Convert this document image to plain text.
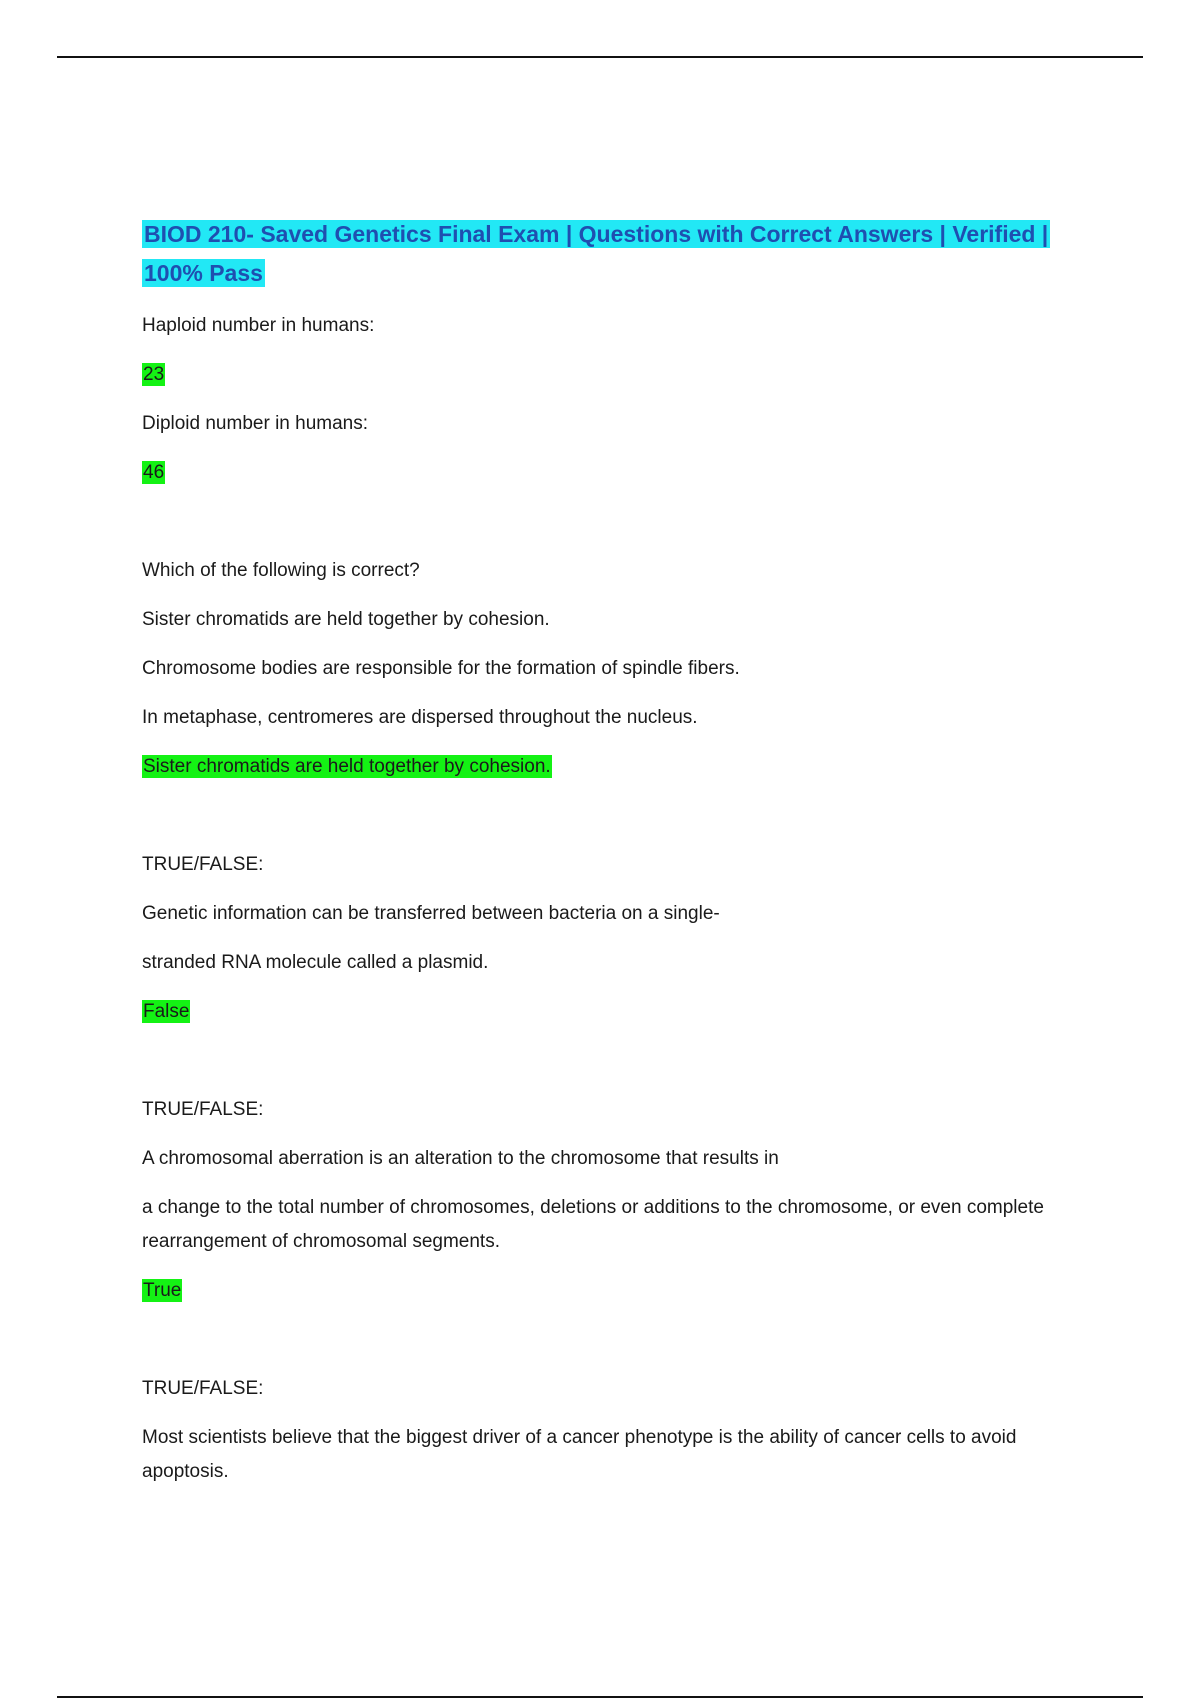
BIOD 210- Saved Genetics Final Exam | Questions with Correct Answers | Verified | 100% Pass
Haploid number in humans:
23
Diploid number in humans:
46
Which of the following is correct?
Sister chromatids are held together by cohesion.
Chromosome bodies are responsible for the formation of spindle fibers.
In metaphase, centromeres are dispersed throughout the nucleus.
Sister chromatids are held together by cohesion.
TRUE/FALSE:
Genetic information can be transferred between bacteria on a single-
stranded RNA molecule called a plasmid.
False
TRUE/FALSE:
A chromosomal aberration is an alteration to the chromosome that results in
a change to the total number of chromosomes, deletions or additions to the chromosome, or even complete rearrangement of chromosomal segments.
True
TRUE/FALSE:
Most scientists believe that the biggest driver of a cancer phenotype is the ability of cancer cells to avoid apoptosis.
